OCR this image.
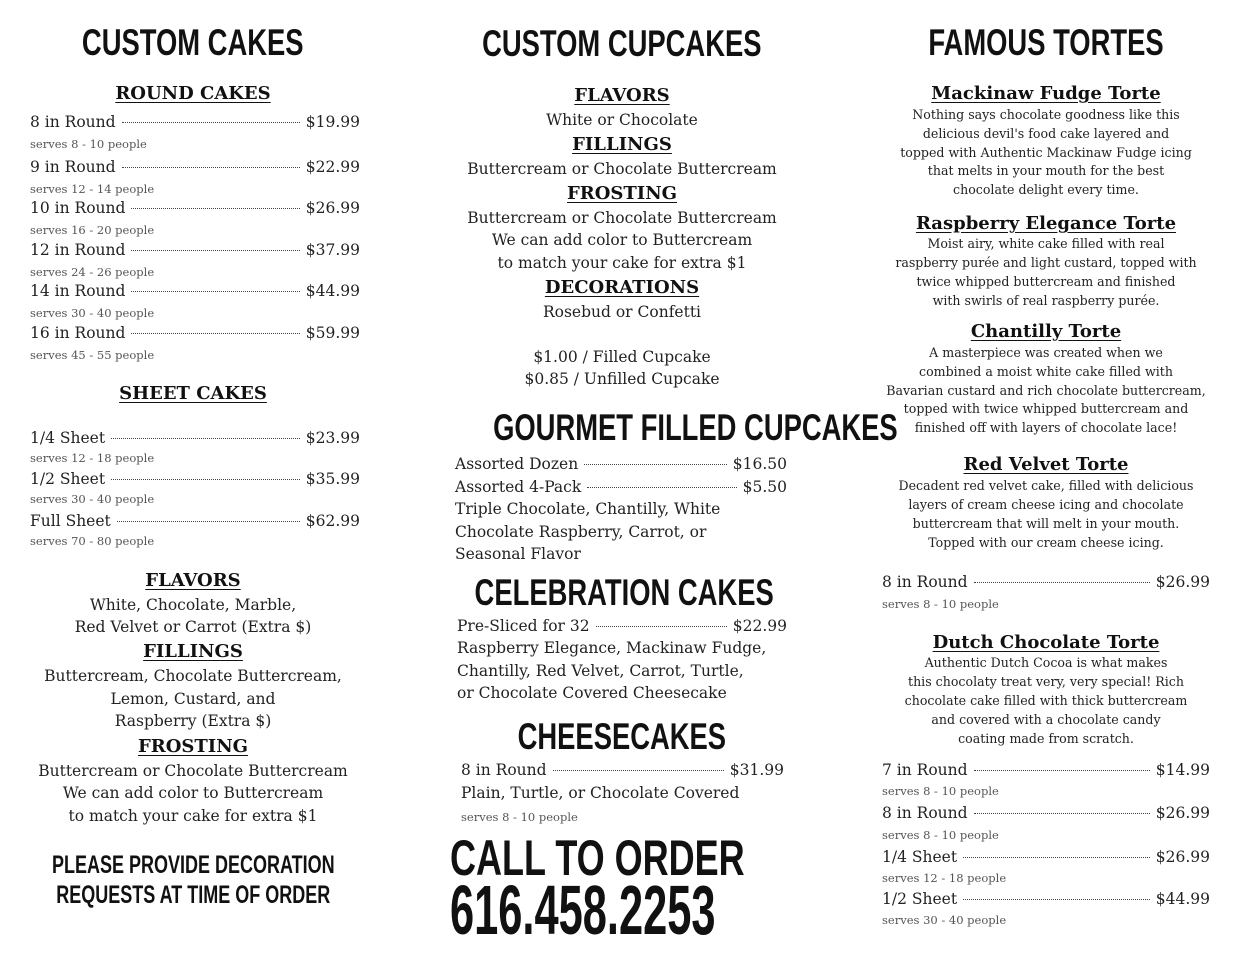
CUSTOM CAKES
ROUND CAKES
8 in Round	$19.99
serves 8 - 10 people
9 in Round	$22.99
serves 12 - 14 people
10 in Round	$26.99
serves 16 - 20 people
12 in Round	$37.99
serves 24 - 26 people
14 in Round	$44.99
serves 30 - 40 people
16 in Round	$59.99
serves 45 - 55 people
SHEET CAKES
1/4 Sheet	$23.99
serves 12 - 18 people
1/2 Sheet	$35.99
serves 30 - 40 people
Full Sheet	$62.99
serves 70 - 80 people
FLAVORS
White, Chocolate, Marble,
Red Velvet or Carrot (Extra $)
FILLINGS
Buttercream, Chocolate Buttercream,
Lemon, Custard, and
Raspberry (Extra $)
FROSTING
Buttercream or Chocolate Buttercream
We can add color to Buttercream
to match your cake for extra $1
PLEASE PROVIDE DECORATION
REQUESTS AT TIME OF ORDER
CUSTOM CUPCAKES
FLAVORS
White or Chocolate
FILLINGS
Buttercream or Chocolate Buttercream
FROSTING
Buttercream or Chocolate Buttercream
We can add color to Buttercream
to match your cake for extra $1
DECORATIONS
Rosebud or Confetti
$1.00 / Filled Cupcake
$0.85 / Unfilled Cupcake
GOURMET FILLED CUPCAKES
Assorted Dozen	$16.50
Assorted 4-Pack	$5.50
Triple Chocolate, Chantilly, White
Chocolate Raspberry, Carrot, or
Seasonal Flavor
CELEBRATION CAKES
Pre-Sliced for 32	$22.99
Raspberry Elegance, Mackinaw Fudge,
Chantilly, Red Velvet, Carrot, Turtle,
or Chocolate Covered Cheesecake
CHEESECAKES
8 in Round	$31.99
Plain, Turtle, or Chocolate Covered
serves 8 - 10 people
CALL TO ORDER
616.458.2253
FAMOUS TORTES
Mackinaw Fudge Torte
Nothing says chocolate goodness like this
delicious devil's food cake layered and
topped with Authentic Mackinaw Fudge icing
that melts in your mouth for the best
chocolate delight every time.
Raspberry Elegance Torte
Moist airy, white cake filled with real
raspberry purée and light custard, topped with
twice whipped buttercream and finished
with swirls of real raspberry purée.
Chantilly Torte
A masterpiece was created when we
combined a moist white cake filled with
Bavarian custard and rich chocolate buttercream,
topped with twice whipped buttercream and
finished off with layers of chocolate lace!
Red Velvet Torte
Decadent red velvet cake, filled with delicious
layers of cream cheese icing and chocolate
buttercream that will melt in your mouth.
Topped with our cream cheese icing.
Dutch Chocolate Torte
Authentic Dutch Cocoa is what makes
this chocolaty treat very, very special! Rich
chocolate cake filled with thick buttercream
and covered with a chocolate candy
coating made from scratch.
8 in Round	$26.99
serves 8 - 10 people
7 in Round	$14.99
serves 8 - 10 people
8 in Round	$26.99
serves 8 - 10 people
1/4 Sheet	$26.99
serves 12 - 18 people
1/2 Sheet	$44.99
serves 30 - 40 people
